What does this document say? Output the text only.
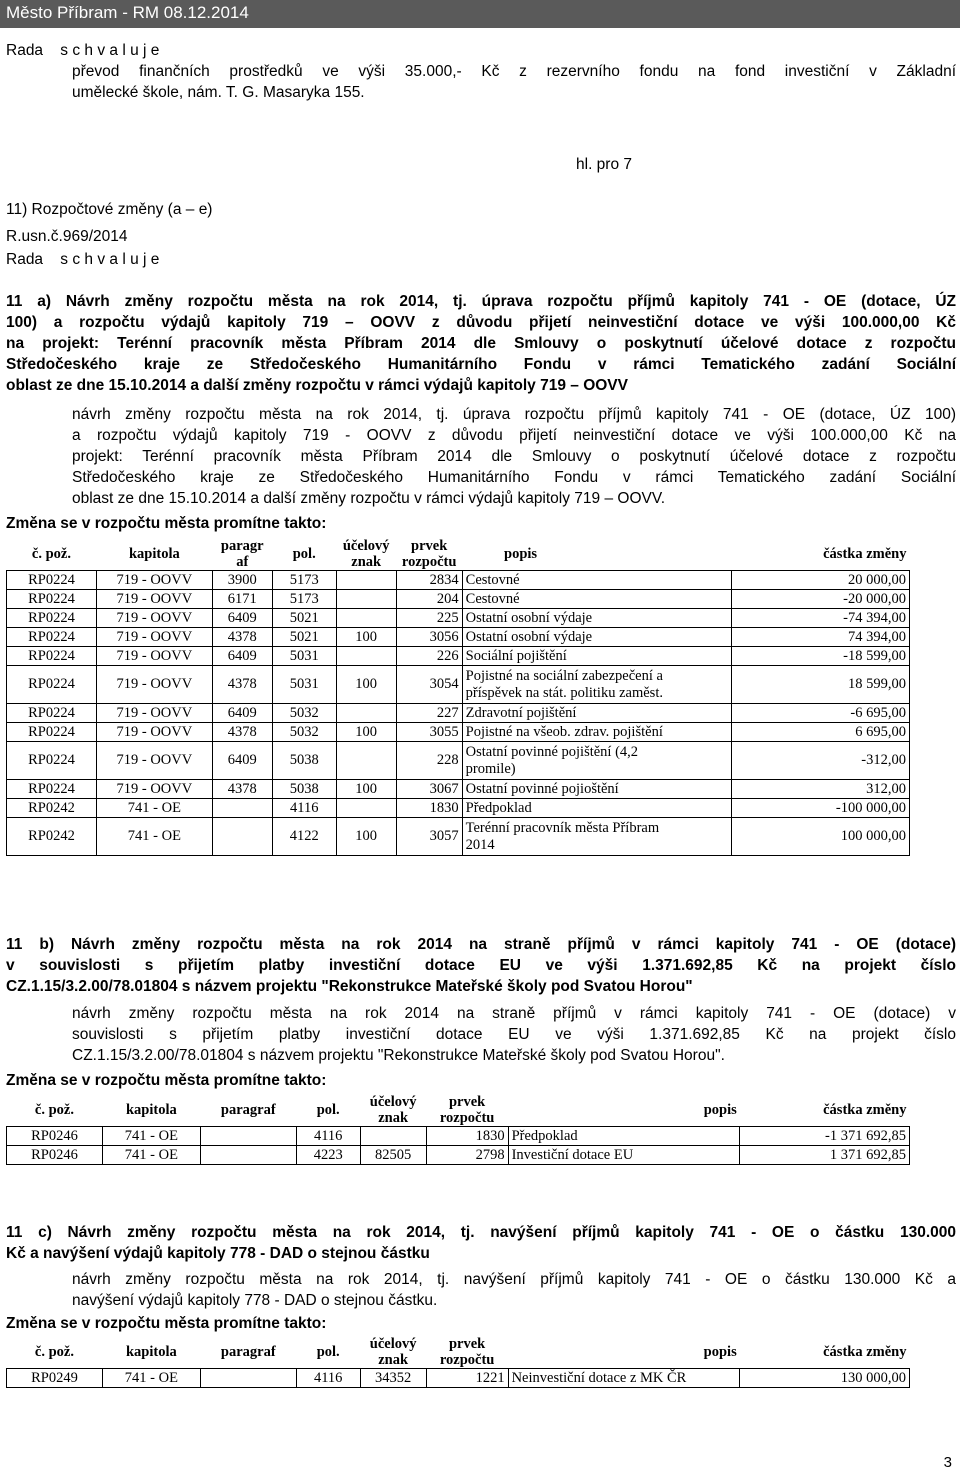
Město Příbram - RM 08.12.2014
Rada s c h v a l u j e
převod finančních prostředků ve výši 35.000,- Kč z rezervního fondu na fond investiční v Základní
umělecké škole, nám. T. G. Masaryka 155.
hl. pro 7
11) Rozpočtové změny (a – e)
R.usn.č.969/2014
Rada s c h v a l u j e
11 a) Návrh změny rozpočtu města na rok 2014, tj. úprava rozpočtu příjmů kapitoly 741 - OE (dotace, ÚZ
100) a rozpočtu výdajů kapitoly 719 – OOVV z důvodu přijetí neinvestiční dotace ve výši 100.000,00 Kč
na projekt: Terénní pracovník města Příbram 2014 dle Smlouvy o poskytnutí účelové dotace z rozpočtu
Středočeského kraje ze Středočeského Humanitárního Fondu v rámci Tematického zadání Sociální
oblast ze dne 15.10.2014 a další změny rozpočtu v rámci výdajů kapitoly 719 – OOVV
návrh změny rozpočtu města na rok 2014, tj. úprava rozpočtu příjmů kapitoly 741 - OE (dotace, ÚZ 100)
a rozpočtu výdajů kapitoly 719 - OOVV z důvodu přijetí neinvestiční dotace ve výši 100.000,00 Kč na
projekt: Terénní pracovník města Příbram 2014 dle Smlouvy o poskytnutí účelové dotace z rozpočtu
Středočeského kraje ze Středočeského Humanitárního Fondu v rámci Tematického zadání Sociální
oblast ze dne 15.10.2014 a další změny rozpočtu v rámci výdajů kapitoly 719 – OOVV.
Změna se v rozpočtu města promítne takto:
č. pož.	kapitola	paragr
af	pol.	účelový
znak	prvek
rozpočtu	popis	částka změny	
RP0224	719 - OOVV	3900	5173		2834	Cestovné		20 000,00
RP0224	719 - OOVV	6171	5173		204	Cestovné		-20 000,00
RP0224	719 - OOVV	6409	5021		225	Ostatní osobní výdaje		-74 394,00
RP0224	719 - OOVV	4378	5021	100	3056	Ostatní osobní výdaje		74 394,00
RP0224	719 - OOVV	6409	5031		226	Sociální pojištění		-18 599,00
RP0224	719 - OOVV	4378	5031	100	3054	Pojistné na sociální zabezpečení a
příspěvek na stát. politiku zaměst.		18 599,00
RP0224	719 - OOVV	6409	5032		227	Zdravotní pojištění		-6 695,00
RP0224	719 - OOVV	4378	5032	100	3055	Pojistné na všeob. zdrav. pojištění		6 695,00
RP0224	719 - OOVV	6409	5038		228	Ostatní povinné pojištění (4,2
promile)		-312,00
RP0224	719 - OOVV	4378	5038	100	3067	Ostatní povinné pojioštění		312,00
RP0242	741 - OE		4116		1830	Předpoklad		-100 000,00
RP0242	741 - OE		4122	100	3057	Terénní pracovník města Příbram
2014		100 000,00
11 b) Návrh změny rozpočtu města na rok 2014 na straně příjmů v rámci kapitoly 741 - OE (dotace)
v souvislosti s přijetím platby investiční dotace EU ve výši 1.371.692,85 Kč na projekt číslo
CZ.1.15/3.2.00/78.01804 s názvem projektu "Rekonstrukce Mateřské školy pod Svatou Horou"
návrh změny rozpočtu města na rok 2014 na straně příjmů v rámci kapitoly 741 - OE (dotace) v
souvislosti s přijetím platby investiční dotace EU ve výši 1.371.692,85 Kč na projekt číslo
CZ.1.15/3.2.00/78.01804 s názvem projektu "Rekonstrukce Mateřské školy pod Svatou Horou".
Změna se v rozpočtu města promítne takto:
č. pož.	kapitola	paragraf	pol.	účelový
znak	prvek
rozpočtu	popis	částka změny
RP0246	741 - OE		4116		1830	Předpoklad	-1 371 692,85
RP0246	741 - OE		4223	82505	2798	Investiční dotace EU	1 371 692,85
11 c) Návrh změny rozpočtu města na rok 2014, tj. navýšení příjmů kapitoly 741 - OE o částku 130.000
Kč a navýšení výdajů kapitoly 778 - DAD o stejnou částku
návrh změny rozpočtu města na rok 2014, tj. navýšení příjmů kapitoly 741 - OE o částku 130.000 Kč a
navýšení výdajů kapitoly 778 - DAD o stejnou částku.
Změna se v rozpočtu města promítne takto:
č. pož.	kapitola	paragraf	pol.	účelový
znak	prvek
rozpočtu	popis	částka změny
RP0249	741 - OE		4116	34352	1221	Neinvestiční dotace z MK ČR	130 000,00
3
